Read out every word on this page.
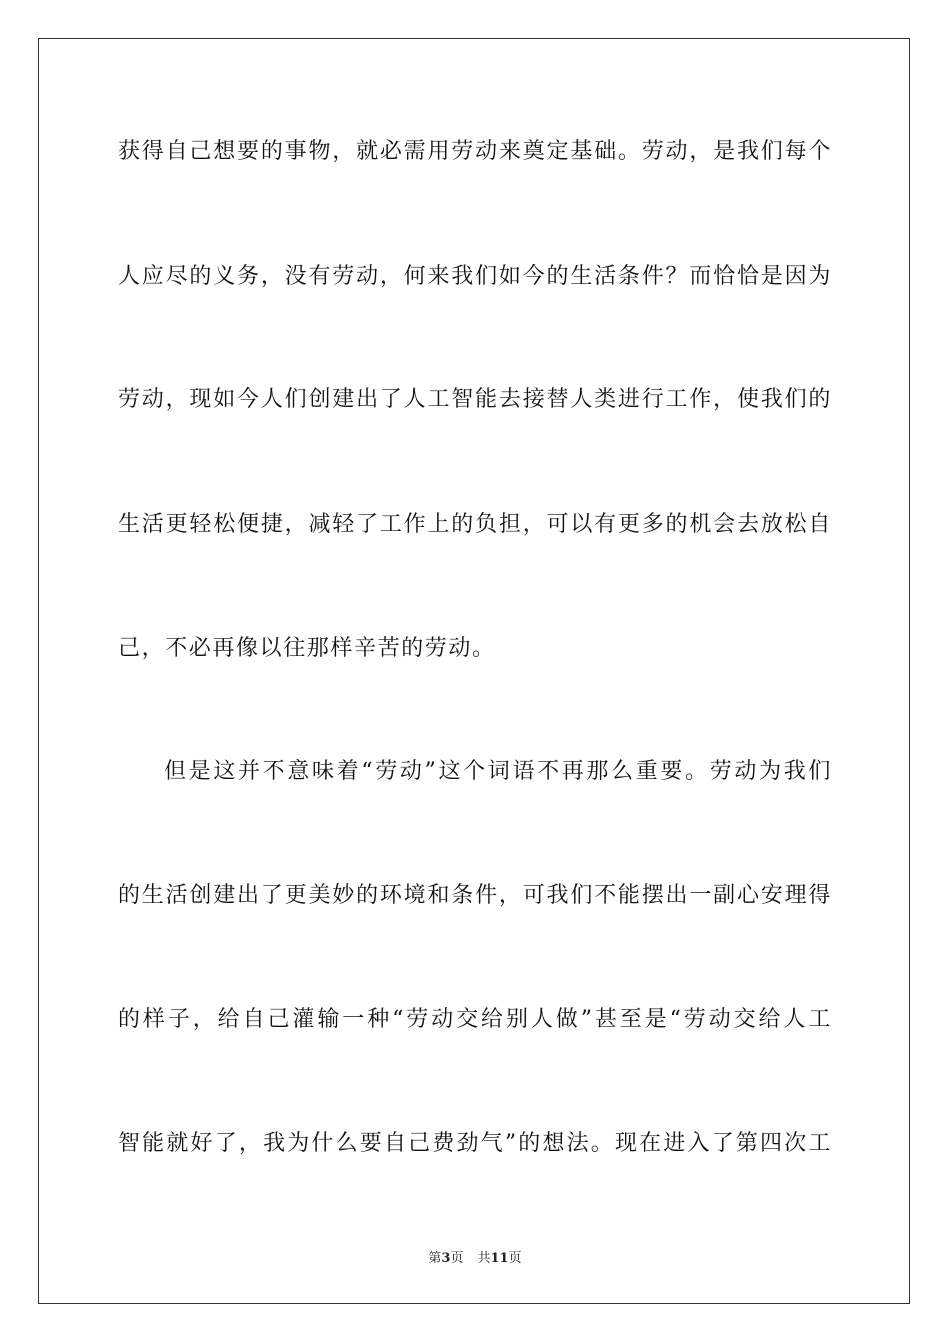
获得自己想要的事物，就必需用劳动来奠定基础。劳动，是我们每个
人应尽的义务，没有劳动，何来我们如今的生活条件？而恰恰是因为
劳动，现如今人们创建出了人工智能去接替人类进行工作，使我们的
生活更轻松便捷，减轻了工作上的负担，可以有更多的机会去放松自
己，不必再像以往那样辛苦的劳动。
但是这并不意味着“劳动”这个词语不再那么重要。劳动为我们
的生活创建出了更美妙的环境和条件，可我们不能摆出一副心安理得
的样子，给自己灌输一种“劳动交给别人做”甚至是“劳动交给人工
智能就好了，我为什么要自己费劲气”的想法。现在进入了第四次工
第3页 共11页
